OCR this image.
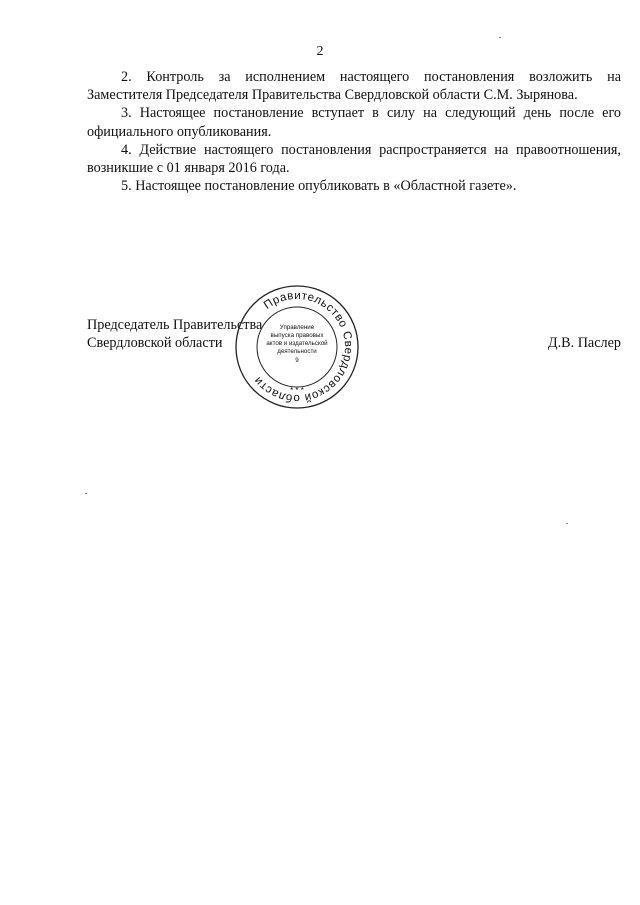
2

2. Контроль за исполнением настоящего постановления возложить на Заместителя Председателя Правительства Свердловской области С.М. Зырянова.

3. Настоящее постановление вступает в силу на следующий день после его официального опубликования.

4. Действие настоящего постановления распространяется на правоотношения, возникшие с 01 января 2016 года.

5. Настоящее постановление опубликовать в «Областной газете».

Председатель Правительства
Свердловской области	Д.В. Паслер
Правительство Свердловской области
Управление
выпуска правовых
актов и издательской
деятельности
9
* * *
